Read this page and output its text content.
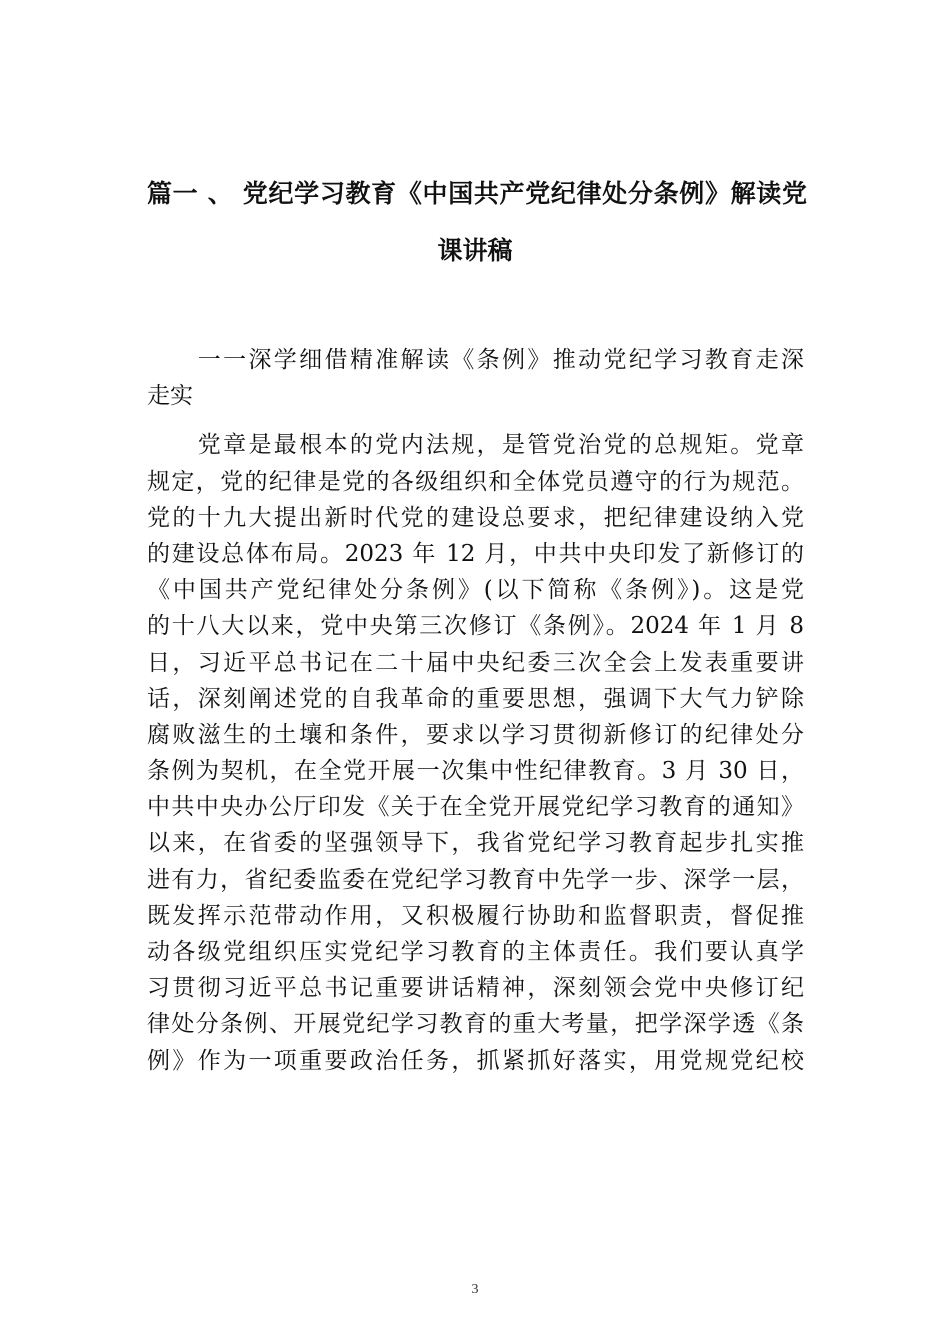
篇一 、 党纪学习教育《中国共产党纪律处分条例》解读党
课讲稿
　　一一深学细借精准解读《条例》推动党纪学习教育走深
走实
　　党章是最根本的党内法规，是管党治党的总规矩。党章
规定，党的纪律是党的各级组织和全体党员遵守的行为规范。
党的十九大提出新时代党的建设总要求，把纪律建设纳入党
的建设总体布局。2023 年 12 月，中共中央印发了新修订的
《中国共产党纪律处分条例》(以下简称《条例》)。这是党
的十八大以来，党中央第三次修订《条例》。2024 年 1 月 8
日，习近平总书记在二十届中央纪委三次全会上发表重要讲
话，深刻阐述党的自我革命的重要思想，强调下大气力铲除
腐败滋生的土壤和条件，要求以学习贯彻新修订的纪律处分
条例为契机，在全党开展一次集中性纪律教育。3 月 30 日，
中共中央办公厅印发《关于在全党开展党纪学习教育的通知》
以来，在省委的坚强领导下，我省党纪学习教育起步扎实推
进有力，省纪委监委在党纪学习教育中先学一步、深学一层，
既发挥示范带动作用，又积极履行协助和监督职责，督促推
动各级党组织压实党纪学习教育的主体责任。我们要认真学
习贯彻习近平总书记重要讲话精神，深刻领会党中央修订纪
律处分条例、开展党纪学习教育的重大考量，把学深学透《条
例》作为一项重要政治任务，抓紧抓好落实，用党规党纪校
3
